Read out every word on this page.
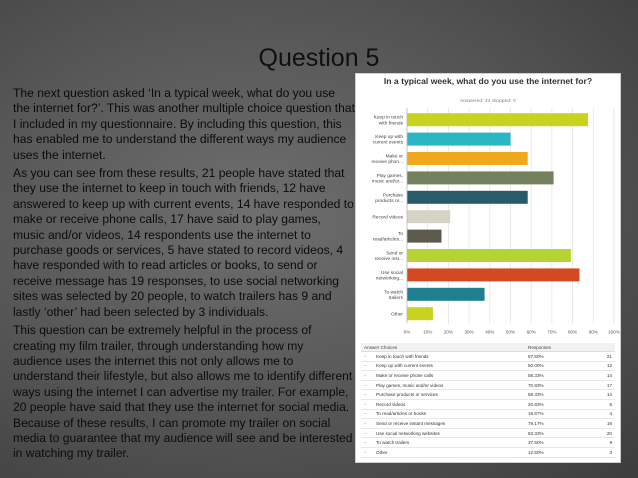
Question 5

The next question asked ‘In a typical week, what do you use the internet for?’. This was another multiple choice question that I included in my questionnaire. By including this question, this has enabled me to understand the different ways my audience uses the internet.

As you can see from these results, 21 people have stated that they use the internet to keep in touch with friends, 12 have answered to keep up with current events, 14 have responded to make or receive phone calls, 17 have said to play games, music and/or videos, 14 respondents use the internet to purchase goods or services, 5 have stated to record videos, 4 have responded with to read articles or books, to send or receive message has 19 responses, to use social networking sites was selected by 20 people, to watch trailers has 9 and lastly ‘other’ had been selected by 3 individuals.

This question can be extremely helpful in the process of creating my film trailer, through understanding how my audience uses the internet this not only allows me to understand their lifestyle, but also allows me to identify different ways using the internet I can advertise my trailer. For example, 20 people have said that they use the internet for social media. Because of these results, I can promote my trailer on social media to guarantee that my audience will see and be interested in watching my trailer.

In a typical week, what do you use the internet for?
Answered: 24 Skipped: 0
Keep in touch
with friends
Keep up with
current events
Make or
receive phon...
Play games,
music and/or...
Purchase
products or...
Record videos
To
read/articles...
Send or
receive inst...
Use social
networking...
To watch
trailers
Other
0%	10% 20% 30% 40% 50% 60% 70% 80% 90% 100%
Answer Choices		Responses	
–	Keep in touch with friends	87.50%	21
–	Keep up with current events	50.00%	12
–	Make or receive phone calls	58.33%	14
–	Play games, music and/or videos	70.83%	17
–	Purchase products or services	58.33%	14
–	Record videos	20.83%	5
–	To read/articles or books	16.67%	4
–	Send or receive instant messages	79.17%	19
–	Use social networking websites	83.33%	20
–	To watch trailers	37.50%	9
–	Other	12.50%	3
